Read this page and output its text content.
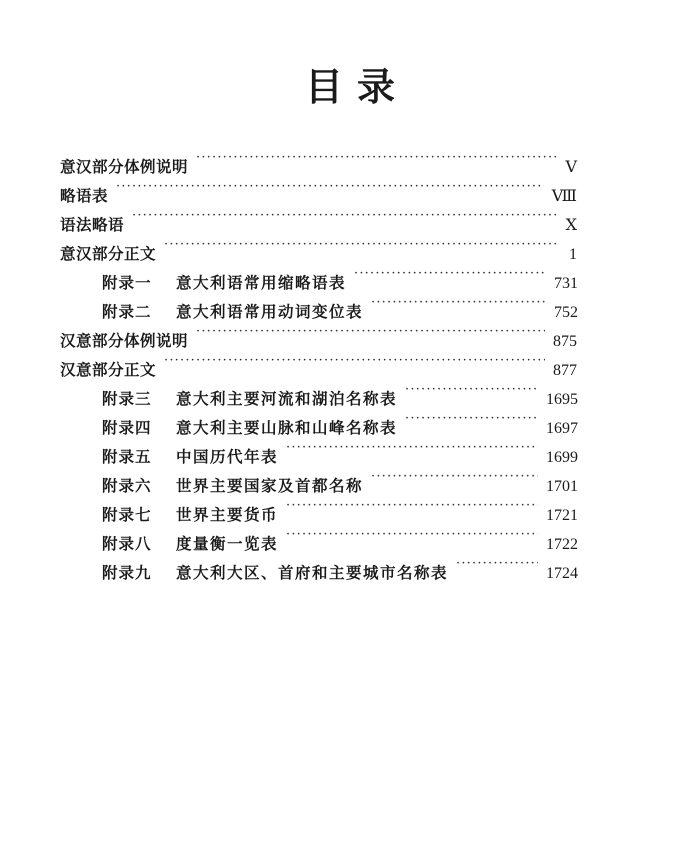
目录
意汉部分体例说明 ·····	Ⅴ
略语表 ·····	Ⅷ
语法略语 ·····	Ⅹ
意汉部分正文 ·····	1
附录一	意大利语常用缩略语表 ·····	731
附录二	意大利语常用动词变位表 ·····	752
汉意部分体例说明 ·····	875
汉意部分正文 ·····	877
附录三	意大利主要河流和湖泊名称表 ·····	1695
附录四	意大利主要山脉和山峰名称表 ·····	1697
附录五	中国历代年表 ·····	1699
附录六	世界主要国家及首都名称 ·····	1701
附录七	世界主要货币 ·····	1721
附录八	度量衡一览表 ·····	1722
附录九	意大利大区、首府和主要城市名称表 ·····	1724
